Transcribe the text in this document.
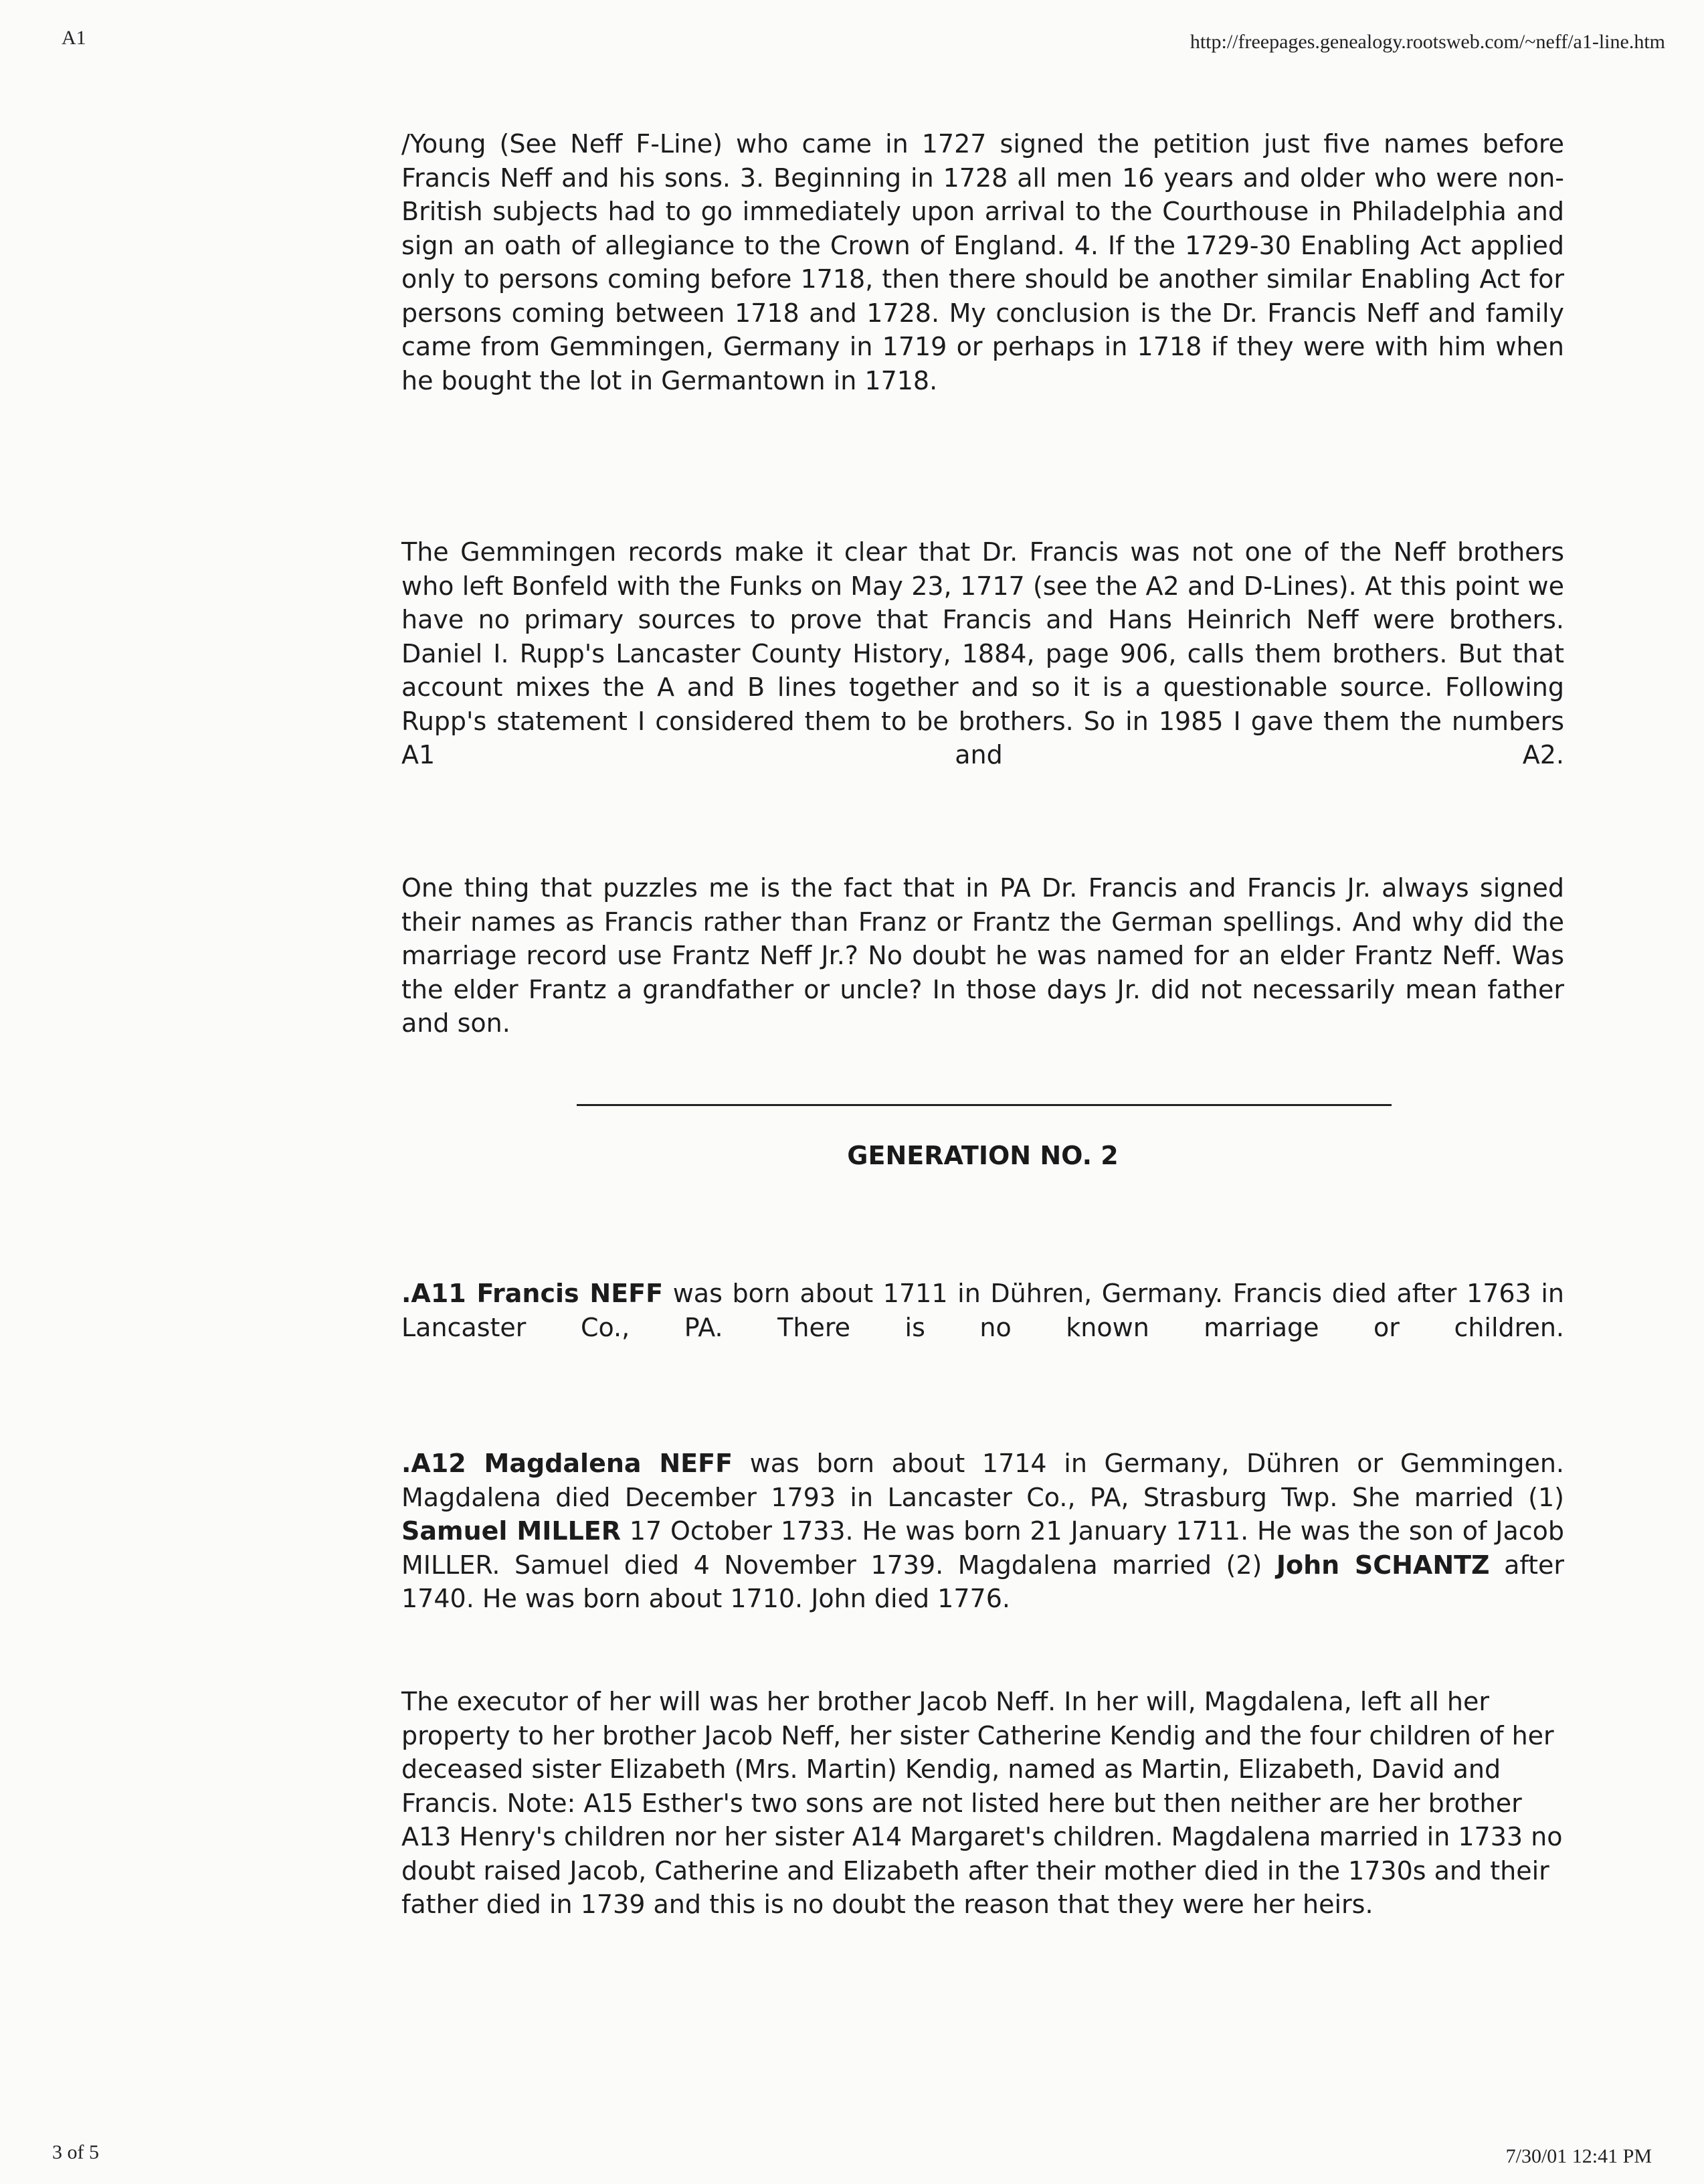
A1	http://freepages.genealogy.rootsweb.com/~neff/a1-line.htm

/Young (See Neff F-Line) who came in 1727 signed the petition just five names before Francis Neff and his sons. 3. Beginning in 1728 all men 16 years and older who were non-British subjects had to go immediately upon arrival to the Courthouse in Philadelphia and sign an oath of allegiance to the Crown of England. 4. If the 1729-30 Enabling Act applied only to persons coming before 1718, then there should be another similar Enabling Act for persons coming between 1718 and 1728. My conclusion is the Dr. Francis Neff and family came from Gemmingen, Germany in 1719 or perhaps in 1718 if they were with him when he bought the lot in Germantown in 1718.

The Gemmingen records make it clear that Dr. Francis was not one of the Neff brothers who left Bonfeld with the Funks on May 23, 1717 (see the A2 and D-Lines). At this point we have no primary sources to prove that Francis and Hans Heinrich Neff were brothers. Daniel I. Rupp's Lancaster County History, 1884, page 906, calls them brothers. But that account mixes the A and B lines together and so it is a questionable source. Following Rupp's statement I considered them to be brothers. So in 1985 I gave them the numbers A1 and A2.

One thing that puzzles me is the fact that in PA Dr. Francis and Francis Jr. always signed their names as Francis rather than Franz or Frantz the German spellings. And why did the marriage record use Frantz Neff Jr.? No doubt he was named for an elder Frantz Neff. Was the elder Frantz a grandfather or uncle? In those days Jr. did not necessarily mean father and son.

.A11 Francis NEFF was born about 1711 in Dühren, Germany. Francis died after 1763 in Lancaster Co., PA. There is no known marriage or children.

.A12 Magdalena NEFF was born about 1714 in Germany, Dühren or Gemmingen. Magdalena died December 1793 in Lancaster Co., PA, Strasburg Twp. She married (1) Samuel MILLER 17 October 1733. He was born 21 January 1711. He was the son of Jacob MILLER. Samuel died 4 November 1739. Magdalena married (2) John SCHANTZ after 1740. He was born about 1710. John died 1776.

The executor of her will was her brother Jacob Neff. In her will, Magdalena, left all her property to her brother Jacob Neff, her sister Catherine Kendig and the four children of her deceased sister Elizabeth (Mrs. Martin) Kendig, named as Martin, Elizabeth, David and Francis. Note: A15 Esther's two sons are not listed here but then neither are her brother A13 Henry's children nor her sister A14 Margaret's children. Magdalena married in 1733 no doubt raised Jacob, Catherine and Elizabeth after their mother died in the 1730s and their father died in 1739 and this is no doubt the reason that they were her heirs.

GENERATION NO. 2
3 of 5	7/30/01 12:41 PM
